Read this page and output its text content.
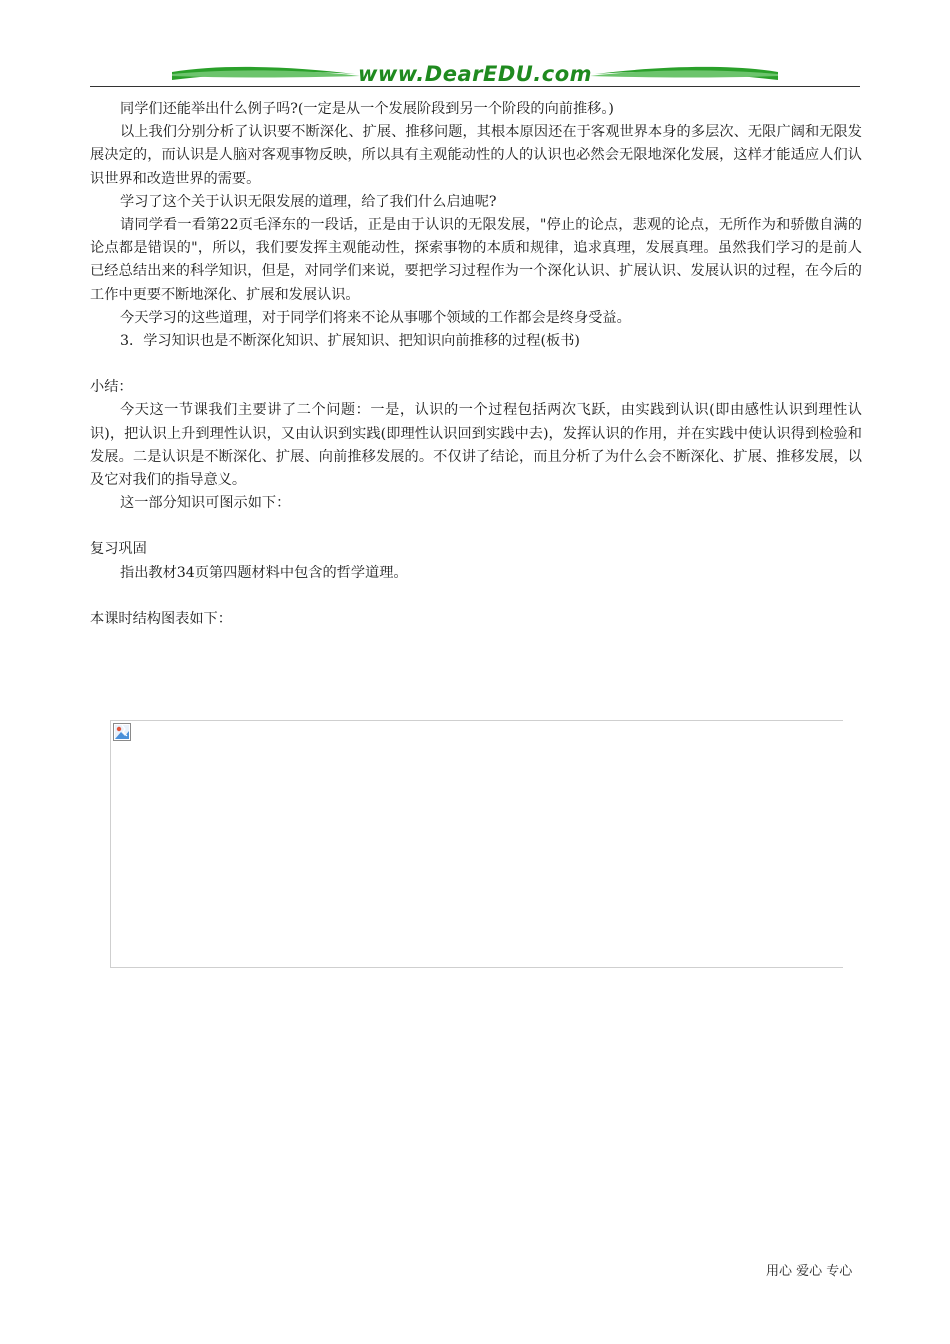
www.DearEDU.com

同学们还能举出什么例子吗?(一定是从一个发展阶段到另一个阶段的向前推移。)

以上我们分别分析了认识要不断深化、扩展、推移问题，其根本原因还在于客观世界本身的多层次、无限广阔和无限发展决定的，而认识是人脑对客观事物反映，所以具有主观能动性的人的认识也必然会无限地深化发展，这样才能适应人们认识世界和改造世界的需要。

学习了这个关于认识无限发展的道理，给了我们什么启迪呢?

请同学看一看第22页毛泽东的一段话，正是由于认识的无限发展，"停止的论点，悲观的论点，无所作为和骄傲自满的论点都是错误的"，所以，我们要发挥主观能动性，探索事物的本质和规律，追求真理，发展真理。虽然我们学习的是前人已经总结出来的科学知识，但是，对同学们来说，要把学习过程作为一个深化认识、扩展认识、发展认识的过程，在今后的工作中更要不断地深化、扩展和发展认识。

今天学习的这些道理，对于同学们将来不论从事哪个领域的工作都会是终身受益。

3．学习知识也是不断深化知识、扩展知识、把知识向前推移的过程(板书)

小结：

今天这一节课我们主要讲了二个问题：一是，认识的一个过程包括两次飞跃，由实践到认识(即由感性认识到理性认识)，把认识上升到理性认识，又由认识到实践(即理性认识回到实践中去)，发挥认识的作用，并在实践中使认识得到检验和发展。二是认识是不断深化、扩展、向前推移发展的。不仅讲了结论，而且分析了为什么会不断深化、扩展、推移发展，以及它对我们的指导意义。

这一部分知识可图示如下：

复习巩固

指出教材34页第四题材料中包含的哲学道理。

本课时结构图表如下：

用心 爱心 专心
